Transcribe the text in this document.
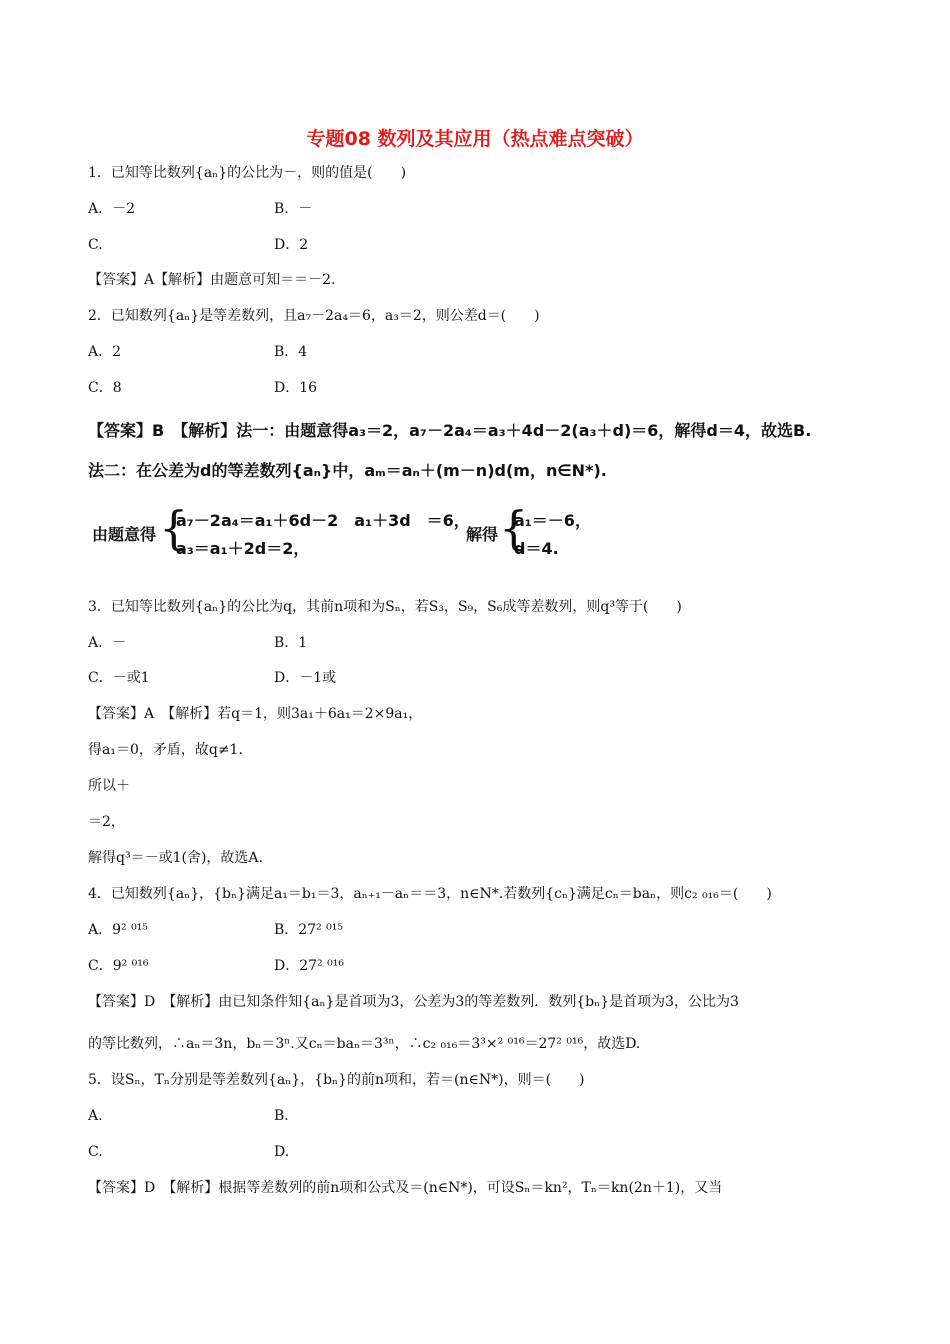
专题08 数列及其应用（热点难点突破）
1．已知等比数列{aₙ}的公比为－，则的值是(　　)
A．－2	B．－
C.	D．2
【答案】A【解析】由题意可知＝＝－2.
2．已知数列{aₙ}是等差数列，且a₇－2a₄＝6，a₃＝2，则公差d＝(　　)
A．2	B．4
C．8	D．16
【答案】B　【解析】法一：由题意得a₃＝2，a₇－2a₄＝a₃＋4d－2(a₃＋d)＝6，解得d＝4，故选B.
法二：在公差为d的等差数列{aₙ}中，aₘ＝aₙ＋(m－n)d(m，n∈N*).
由题意得 {
a₇－2a₄＝a₁＋6d－2　a₁＋3d　＝6，
a₃＝a₁＋2d＝2，
解得 {
a₁＝－6，
d＝4.
3．已知等比数列{aₙ}的公比为q，其前n项和为Sₙ，若S₃，S₉，S₆成等差数列，则q³等于(　　)
A．－	B．1
C．－或1	D．－1或
【答案】A　【解析】若q＝1，则3a₁＋6a₁＝2×9a₁，
得a₁＝0，矛盾，故q≠1.
所以＋
＝2，
解得q³＝－或1(舍)，故选A.
4．已知数列{aₙ}，{bₙ}满足a₁＝b₁＝3，aₙ₊₁－aₙ＝＝3，n∈N*.若数列{cₙ}满足cₙ＝baₙ，则c₂ ₀₁₆＝(　　)
A．9² ⁰¹⁵	B．27² ⁰¹⁵
C．9² ⁰¹⁶	D．27² ⁰¹⁶
【答案】D　【解析】由已知条件知{aₙ}是首项为3，公差为3的等差数列．数列{bₙ}是首项为3，公比为3
的等比数列，∴aₙ＝3n，bₙ＝3ⁿ.又cₙ＝baₙ＝3³ⁿ，∴c₂ ₀₁₆＝3³×² ⁰¹⁶＝27² ⁰¹⁶，故选D.
5．设Sₙ，Tₙ分别是等差数列{aₙ}，{bₙ}的前n项和，若＝(n∈N*)，则＝(　　)
A.	B.
C.	D.
【答案】D　【解析】根据等差数列的前n项和公式及＝(n∈N*)，可设Sₙ＝kn²，Tₙ＝kn(2n＋1)，又当
